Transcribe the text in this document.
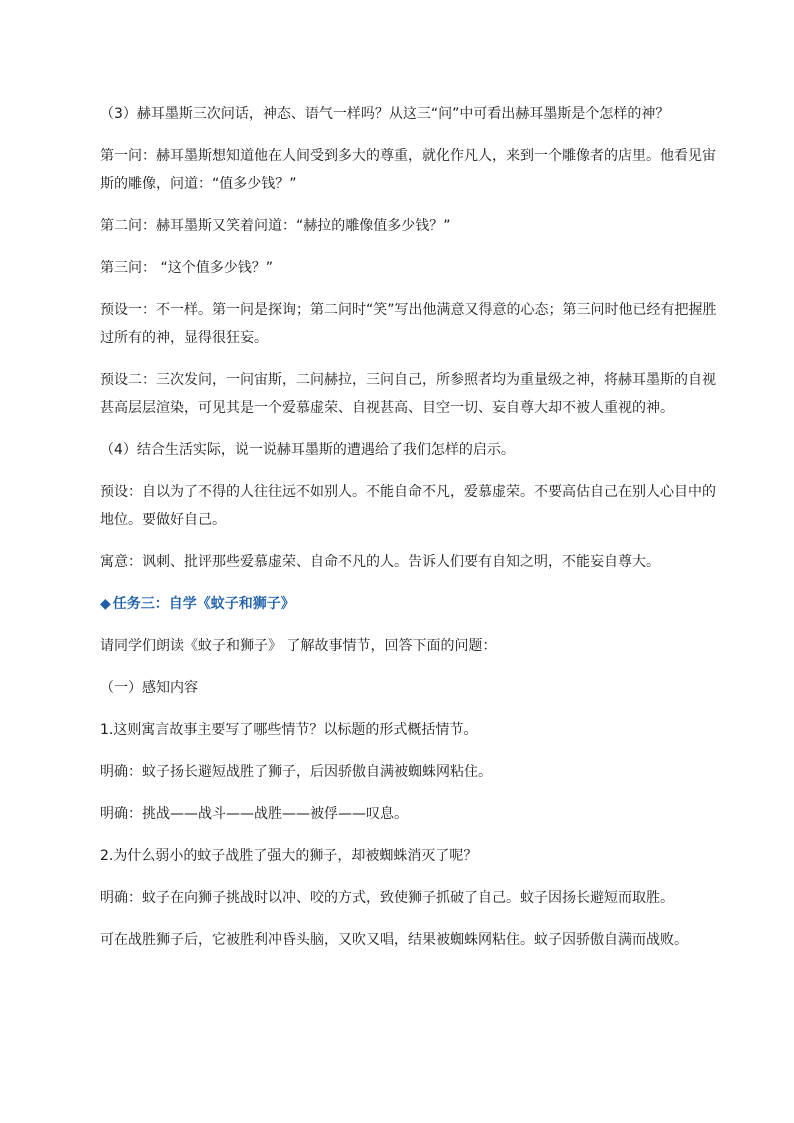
（3）赫耳墨斯三次问话，神态、语气一样吗？从这三“问”中可看出赫耳墨斯是个怎样的神？

第一问：赫耳墨斯想知道他在人间受到多大的尊重，就化作凡人，来到一个雕像者的店里。他看见宙斯的雕像，问道：“值多少钱？”

第二问：赫耳墨斯又笑着问道：“赫拉的雕像值多少钱？”

第三问： “这个值多少钱？”

预设一：不一样。第一问是探询；第二问时“笑”写出他满意又得意的心态；第三问时他已经有把握胜过所有的神，显得很狂妄。

预设二：三次发问，一问宙斯，二问赫拉，三问自己，所参照者均为重量级之神，将赫耳墨斯的自视甚高层层渲染，可见其是一个爱慕虚荣、自视甚高、目空一切、妄自尊大却不被人重视的神。

（4）结合生活实际，说一说赫耳墨斯的遭遇给了我们怎样的启示。

预设：自以为了不得的人往往远不如别人。不能自命不凡，爱慕虚荣。不要高估自己在别人心目中的地位。要做好自己。

寓意：讽刺、批评那些爱慕虚荣、自命不凡的人。告诉人们要有自知之明，不能妄自尊大。

◆ 任务三：自学《蚊子和狮子》

请同学们朗读《蚊子和狮子》 了解故事情节，回答下面的问题：

（一）感知内容

1.这则寓言故事主要写了哪些情节？以标题的形式概括情节。

明确：蚊子扬长避短战胜了狮子，后因骄傲自满被蜘蛛网粘住。

明确：挑战——战斗——战胜——被俘——叹息。

2.为什么弱小的蚊子战胜了强大的狮子，却被蜘蛛消灭了呢？

明确：蚊子在向狮子挑战时以冲、咬的方式，致使狮子抓破了自己。蚊子因扬长避短而取胜。

可在战胜狮子后，它被胜利冲昏头脑，又吹又唱，结果被蜘蛛网粘住。蚊子因骄傲自满而战败。
